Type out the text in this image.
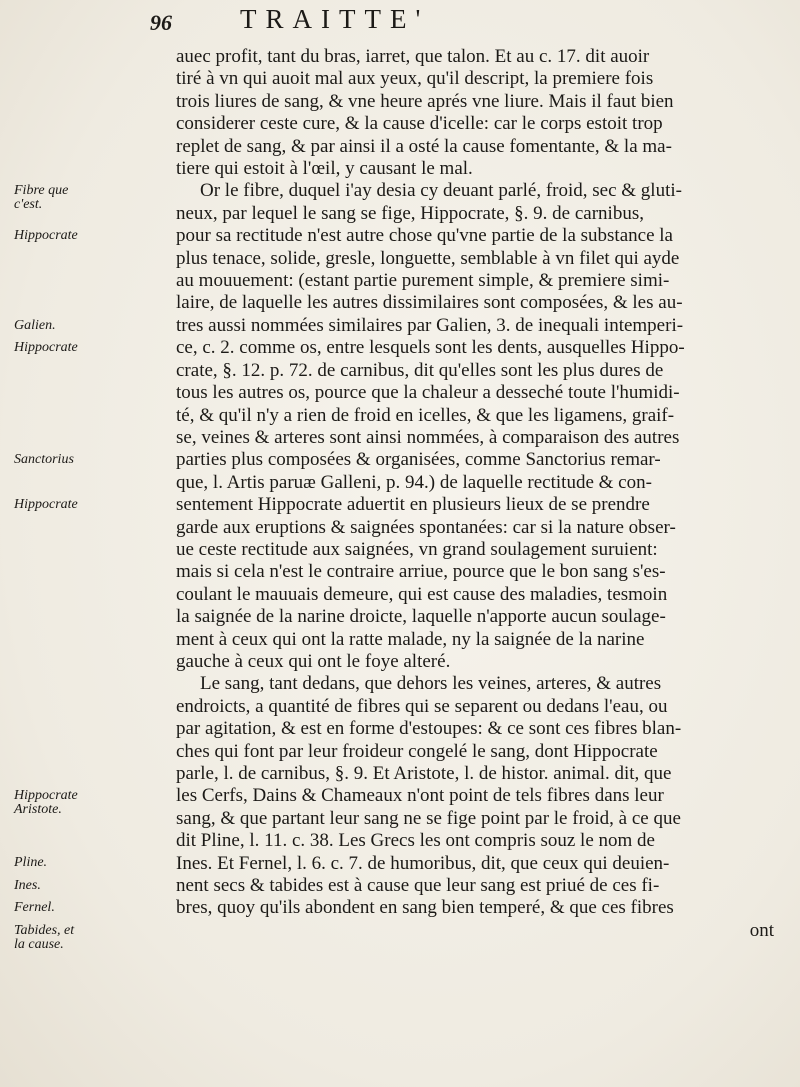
96	TRAITTE'
Fibre que
c'est.
Hippocrate
Galien.
Hippocrate
Sanctorius
Hippocrate
Hippocrate
Aristote.
Pline.
Ines.
Fernel.
Tabides, et
la cause.
auec profit, tant du bras, iarret, que talon. Et au c. 17. dit auoir
tiré à vn qui auoit mal aux yeux, qu'il descript, la premiere fois
trois liures de sang, & vne heure aprés vne liure. Mais il faut bien
considerer ceste cure, & la cause d'icelle: car le corps estoit trop
replet de sang, & par ainsi il a osté la cause fomentante, & la ma-
tiere qui estoit à l'œil, y causant le mal.
Or le fibre, duquel i'ay desia cy deuant parlé, froid, sec & gluti-
neux, par lequel le sang se fige, Hippocrate, §. 9. de carnibus,
pour sa rectitude n'est autre chose qu'vne partie de la substance la
plus tenace, solide, gresle, longuette, semblable à vn filet qui ayde
au mouuement: (estant partie purement simple, & premiere simi-
laire, de laquelle les autres dissimilaires sont composées, & les au-
tres aussi nommées similaires par Galien, 3. de inequali intemperi-
ce, c. 2. comme os, entre lesquels sont les dents, ausquelles Hippo-
crate, §. 12. p. 72. de carnibus, dit qu'elles sont les plus dures de
tous les autres os, pource que la chaleur a desseché toute l'humidi-
té, & qu'il n'y a rien de froid en icelles, & que les ligamens, graif-
se, veines & arteres sont ainsi nommées, à comparaison des autres
parties plus composées & organisées, comme Sanctorius remar-
que, l. Artis paruæ Galleni, p. 94.) de laquelle rectitude & con-
sentement Hippocrate aduertit en plusieurs lieux de se prendre
garde aux eruptions & saignées spontanées: car si la nature obser-
ue ceste rectitude aux saignées, vn grand soulagement suruient:
mais si cela n'est le contraire arriue, pource que le bon sang s'es-
coulant le mauuais demeure, qui est cause des maladies, tesmoin
la saignée de la narine droicte, laquelle n'apporte aucun soulage-
ment à ceux qui ont la ratte malade, ny la saignée de la narine
gauche à ceux qui ont le foye alteré.
Le sang, tant dedans, que dehors les veines, arteres, & autres
endroicts, a quantité de fibres qui se separent ou dedans l'eau, ou
par agitation, & est en forme d'estoupes: & ce sont ces fibres blan-
ches qui font par leur froideur congelé le sang, dont Hippocrate
parle, l. de carnibus, §. 9. Et Aristote, l. de histor. animal. dit, que
les Cerfs, Dains & Chameaux n'ont point de tels fibres dans leur
sang, & que partant leur sang ne se fige point par le froid, à ce que
dit Pline, l. 11. c. 38. Les Grecs les ont compris souz le nom de
Ines. Et Fernel, l. 6. c. 7. de humoribus, dit, que ceux qui deuien-
nent secs & tabides est à cause que leur sang est priué de ces fi-
bres, quoy qu'ils abondent en sang bien temperé, & que ces fibres
ont
